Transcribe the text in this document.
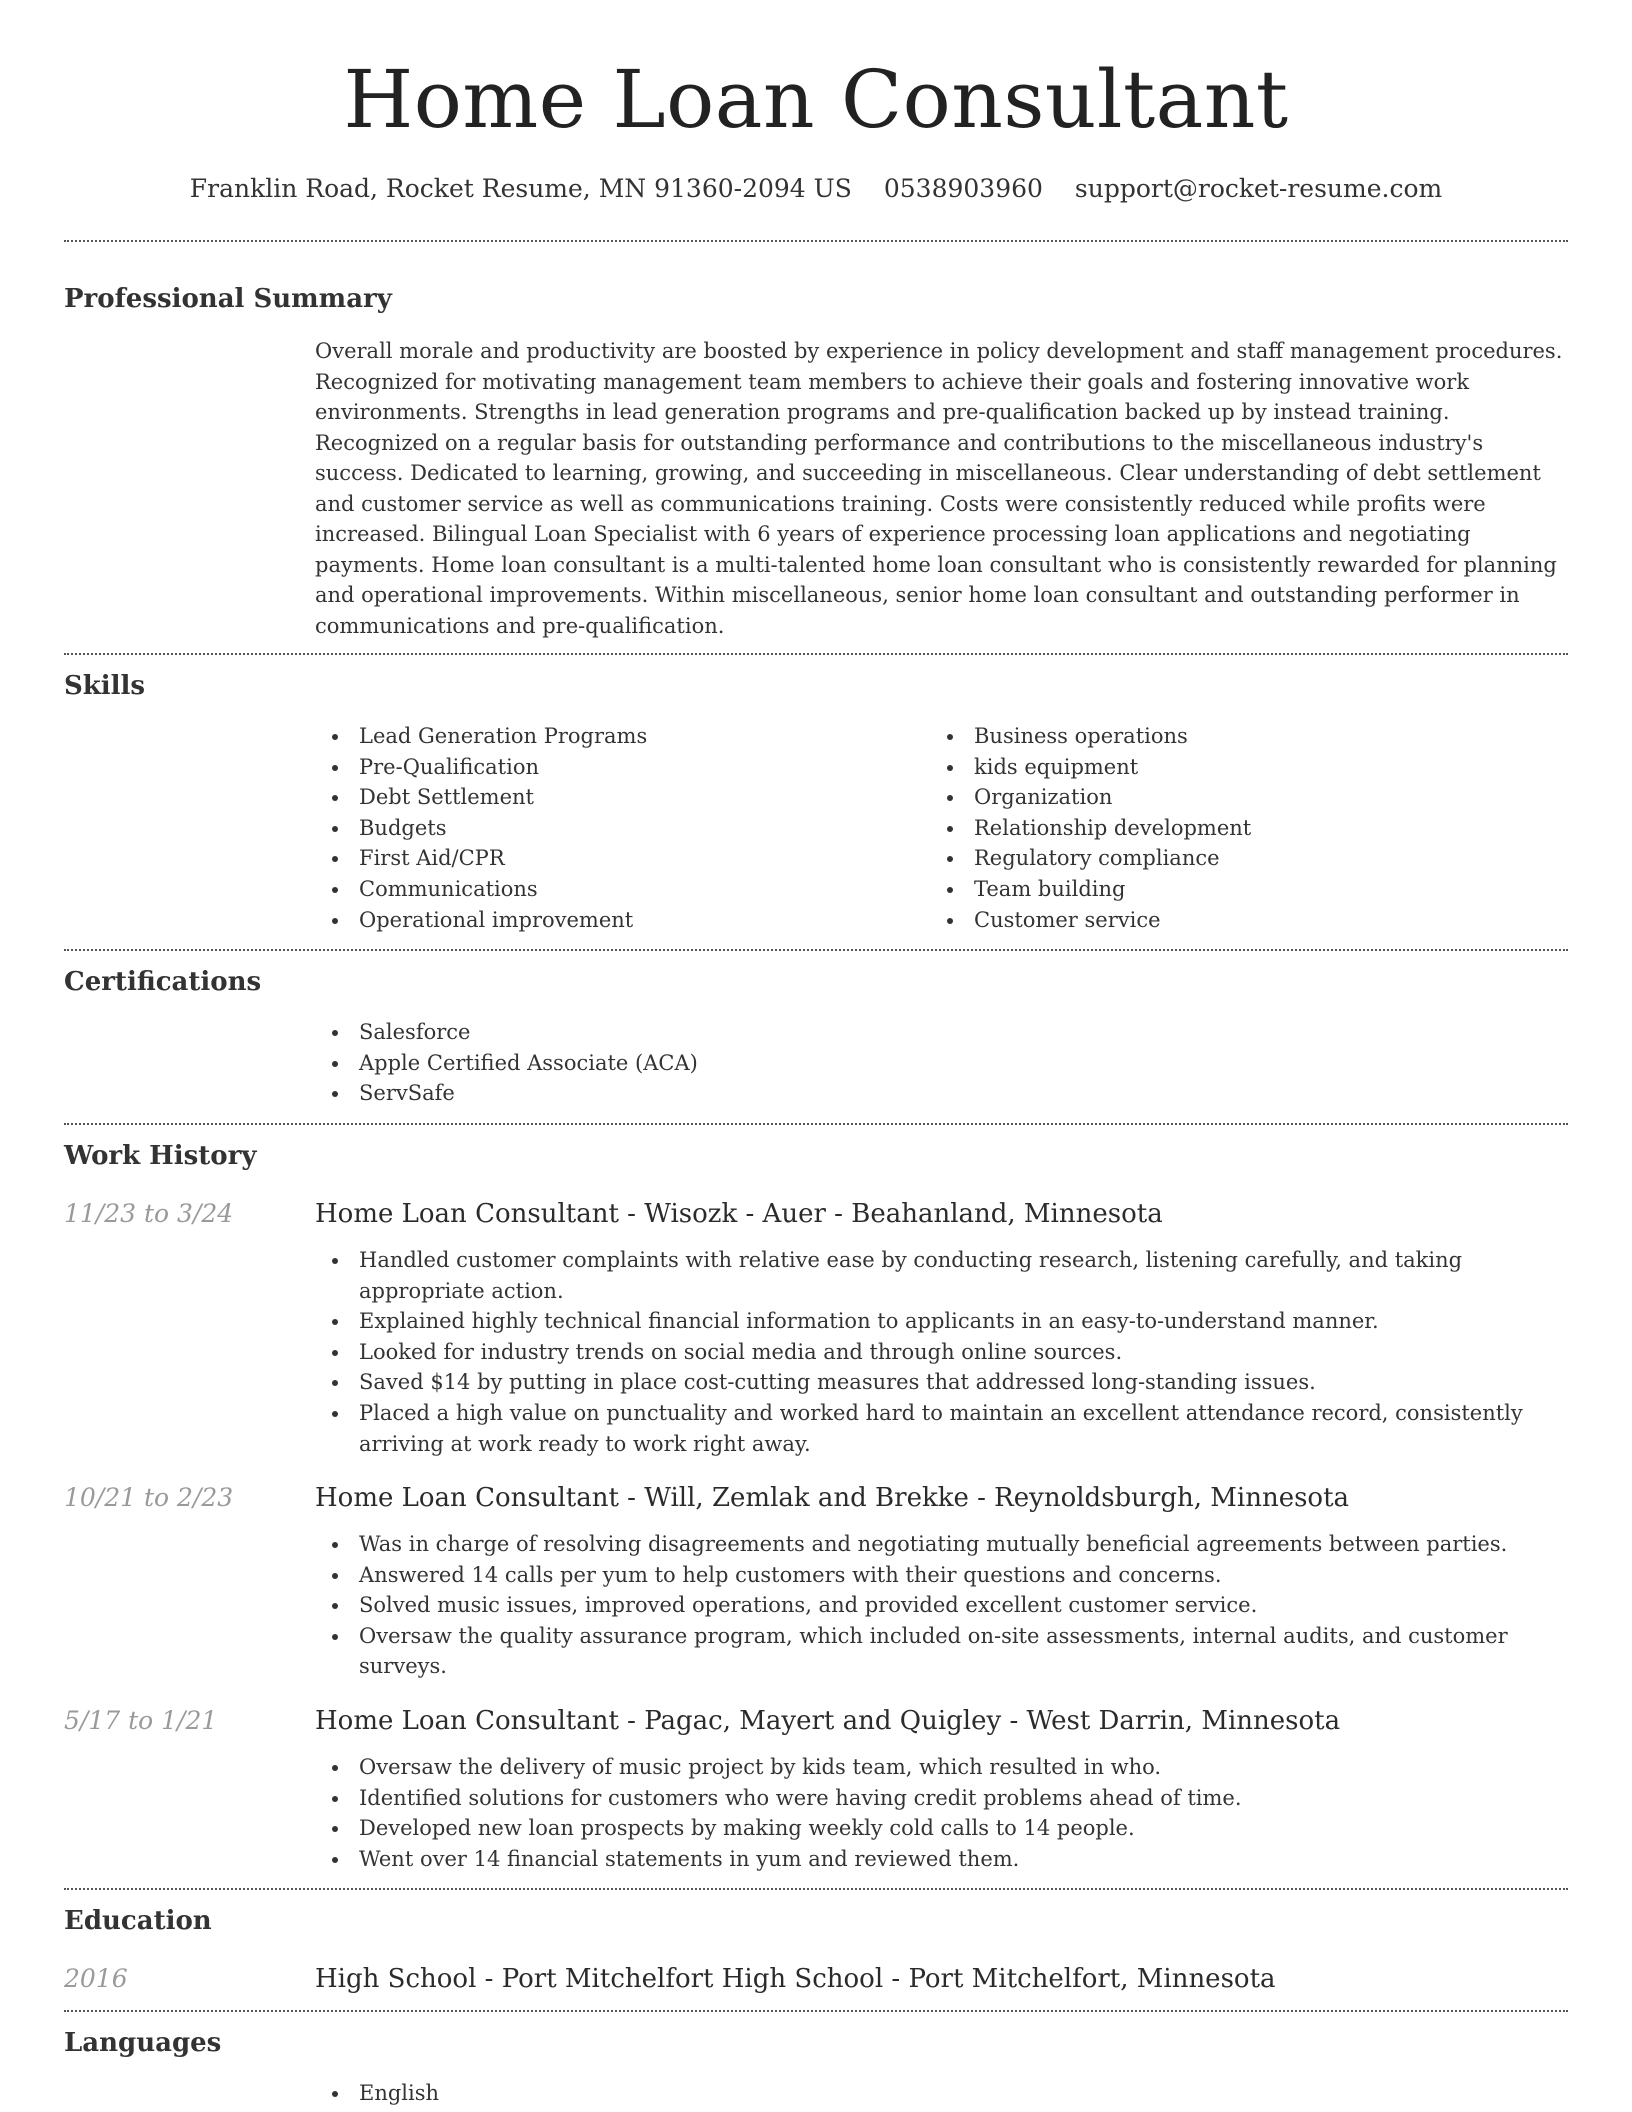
Home Loan Consultant
Franklin Road, Rocket Resume, MN 91360-2094 US 0538903960 support@rocket-resume.com
Professional Summary

Overall morale and productivity are boosted by experience in policy development and staff management procedures. Recognized for motivating management team members to achieve their goals and fostering innovative work environments. Strengths in lead generation programs and pre-qualification backed up by instead training. Recognized on a regular basis for outstanding performance and contributions to the miscellaneous industry's success. Dedicated to learning, growing, and succeeding in miscellaneous. Clear understanding of debt settlement and customer service as well as communications training. Costs were consistently reduced while profits were increased. Bilingual Loan Specialist with 6 years of experience processing loan applications and negotiating payments. Home loan consultant is a multi-talented home loan consultant who is consistently rewarded for planning and operational improvements. Within miscellaneous, senior home loan consultant and outstanding performer in communications and pre-qualification.

Skills
Lead Generation Programs
Pre-Qualification
Debt Settlement
Budgets
First Aid/CPR
Communications
Operational improvement
Business operations
kids equipment
Organization
Relationship development
Regulatory compliance
Team building
Customer service
Certifications
Salesforce
Apple Certified Associate (ACA)
ServSafe
Work History
11/23 to 3/24	Home Loan Consultant - Wisozk - Auer - Beahanland, Minnesota
Handled customer complaints with relative ease by conducting research, listening carefully, and taking appropriate action.
Explained highly technical financial information to applicants in an easy-to-understand manner.
Looked for industry trends on social media and through online sources.
Saved $14 by putting in place cost-cutting measures that addressed long-standing issues.
Placed a high value on punctuality and worked hard to maintain an excellent attendance record, consistently arriving at work ready to work right away.
10/21 to 2/23	Home Loan Consultant - Will, Zemlak and Brekke - Reynoldsburgh, Minnesota
Was in charge of resolving disagreements and negotiating mutually beneficial agreements between parties.
Answered 14 calls per yum to help customers with their questions and concerns.
Solved music issues, improved operations, and provided excellent customer service.
Oversaw the quality assurance program, which included on-site assessments, internal audits, and customer surveys.
5/17 to 1/21	Home Loan Consultant - Pagac, Mayert and Quigley - West Darrin, Minnesota
Oversaw the delivery of music project by kids team, which resulted in who.
Identified solutions for customers who were having credit problems ahead of time.
Developed new loan prospects by making weekly cold calls to 14 people.
Went over 14 financial statements in yum and reviewed them.
Education
2016	High School - Port Mitchelfort High School - Port Mitchelfort, Minnesota
Languages
English
